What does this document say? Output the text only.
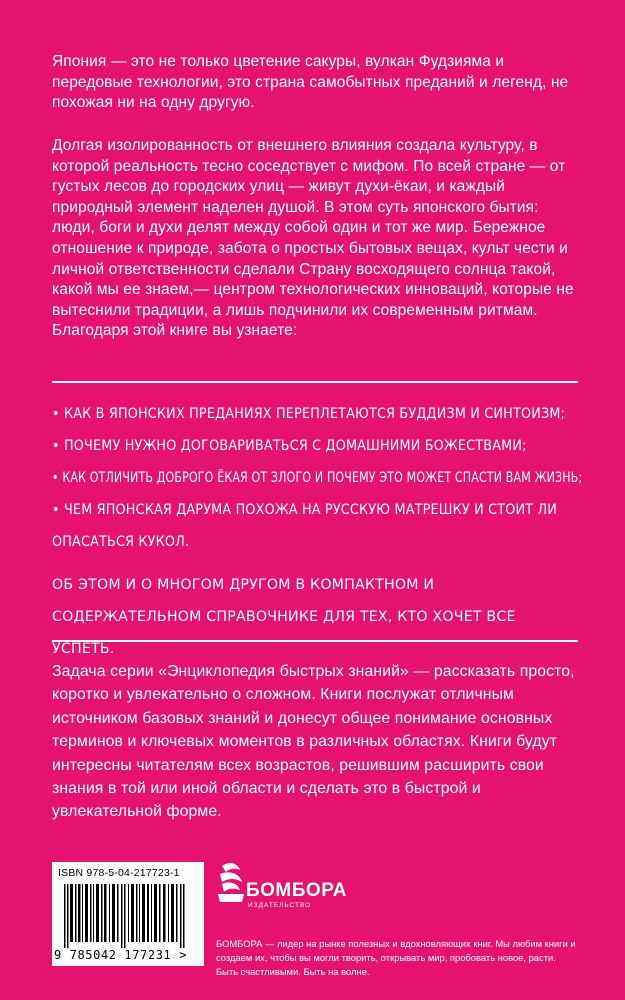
Япония — это не только цветение сакуры, вулкан Фудзияма и передовые технологии, это страна самобытных преданий и легенд, не похожая ни на одну другую.

Долгая изолированность от внешнего влияния создала культуру, в которой реальность тесно соседствует с мифом. По всей стране — от густых лесов до городских улиц — живут духи-ёкаи, и каждый природный элемент наделен душой. В этом суть японского бытия: люди, боги и духи делят между собой один и тот же мир. Бережное отношение к природе, забота о простых бытовых вещах, культ чести и личной ответственности сделали Страну восходящего солнца такой, какой мы ее знаем,— центром технологических инноваций, которые не вытеснили традиции, а лишь подчинили их современным ритмам. Благодаря этой книге вы узнаете:

• КАК В ЯПОНСКИХ ПРЕДАНИЯХ ПЕРЕПЛЕТАЮТСЯ БУДДИЗМ И СИНТОИЗМ;

• ПОЧЕМУ НУЖНО ДОГОВАРИВАТЬСЯ С ДОМАШНИМИ БОЖЕСТВАМИ;

• КАК ОТЛИЧИТЬ ДОБРОГО ЁКАЯ ОТ ЗЛОГО И ПОЧЕМУ ЭТО МОЖЕТ СПАСТИ ВАМ ЖИЗНЬ;

• ЧЕМ ЯПОНСКАЯ ДАРУМА ПОХОЖА НА РУССКУЮ МАТРЕШКУ И СТОИТ ЛИ ОПАСАТЬСЯ КУКОЛ.

ОБ ЭТОМ И О МНОГОМ ДРУГОМ В КОМПАКТНОМ И СОДЕРЖАТЕЛЬНОМ СПРАВОЧНИКЕ ДЛЯ ТЕХ, КТО ХОЧЕТ ВСЕ УСПЕТЬ.

Задача серии «Энциклопедия быстрых знаний» — рассказать просто, коротко и увлекательно о сложном. Книги послужат отличным источником базовых знаний и донесут общее понимание основных терминов и ключевых моментов в различных областях. Книги будут интересны читателям всех возрастов, решившим расширить свои знания в той или иной области и сделать это в быстрой и увлекательной форме.

ISBN 978-5-04-217723-1
9 785042 177231 >
БОМБОРА
ИЗДАТЕЛЬСТВО

БОМБОРА — лидер на рынке полезных и вдохновляющих книг. Мы любим книги и создаем их, чтобы вы могли творить, открывать мир, пробовать новое, расти. Быть счастливыми. Быть на волне.
